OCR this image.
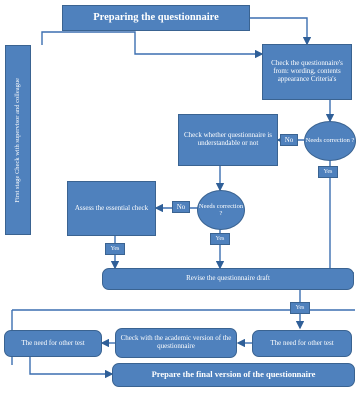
Preparing the questionnaire
Check the questionnaire's from: wording, contents appearance Criteria's
First stage Check with supervisor and colleague	Needs correction ?
Check whether questionnaire is understandable or not
Needs correction ?
Assess the essential check
Revise the questionnaire draft
The need for other test
Check with the academic version of the questionnaire
The need for other test
Prepare the final version of the questionnaire
No
Yes
No
Yes
Yes
Yes
